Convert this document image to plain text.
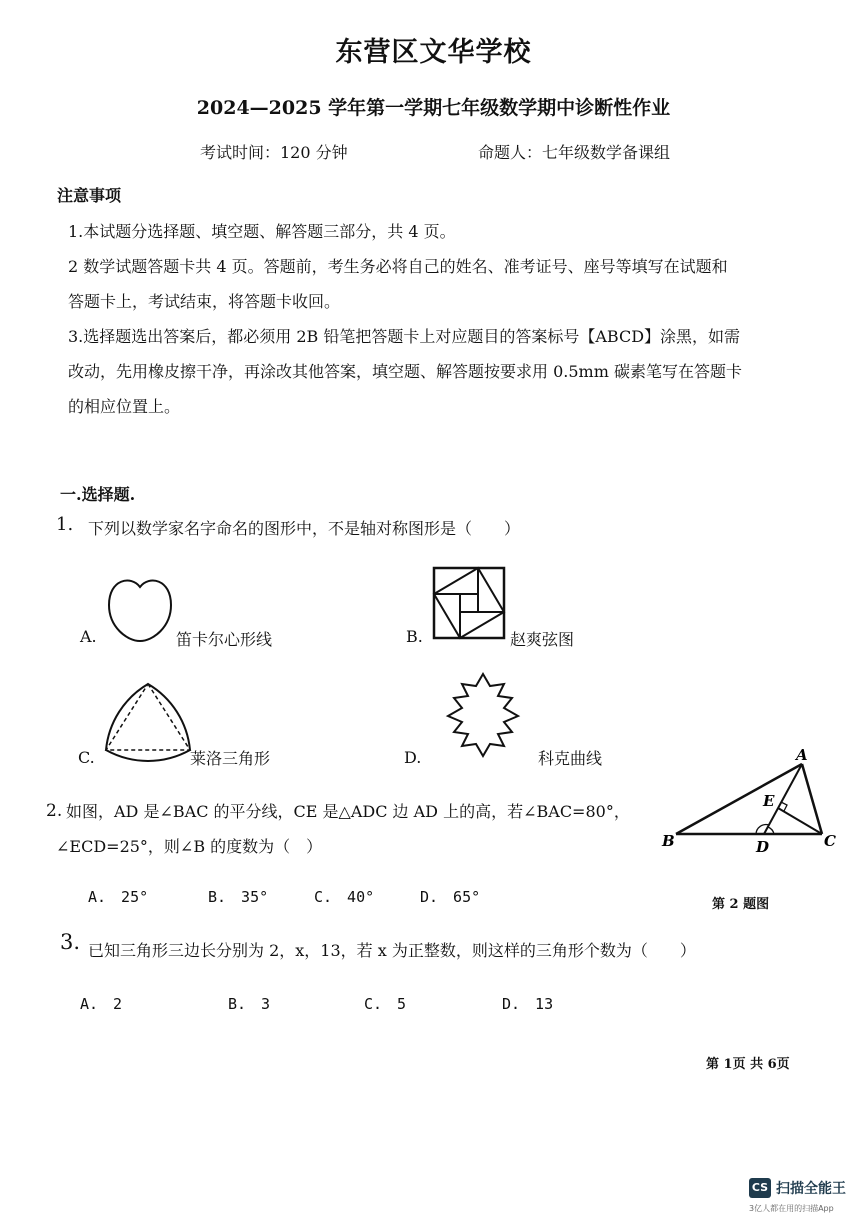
东营区文华学校
2024—2025 学年第一学期七年级数学期中诊断性作业
考试时间：120 分钟	命题人：七年级数学备课组
注意事项
1.本试题分选择题、填空题、解答题三部分，共 4 页。
2 数学试题答题卡共 4 页。答题前，考生务必将自己的姓名、准考证号、座号等填写在试题和
答题卡上，考试结束，将答题卡收回。
3.选择题选出答案后，都必须用 2B 铅笔把答题卡上对应题目的答案标号【ABCD】涂黑，如需
改动，先用橡皮擦干净，再涂改其他答案，填空题、解答题按要求用 0.5mm 碳素笔写在答题卡
的相应位置上。
一.选择题.
1. 下列以数学家名字命名的图形中，不是轴对称图形是（　　）
A.	笛卡尔心形线	B.	赵爽弦图
C.	莱洛三角形	D.	科克曲线
2. 如图，AD 是∠BAC 的平分线，CE 是△ADC 边 AD 上的高，若∠BAC=80°，
∠ECD=25°，则∠B 的度数为（　）
A.　25°	B.　35°	C.　40°	D.　65°
A
B	C
D
E
第 2 题图
3. 已知三角形三边长分别为 2，x，13，若 x 为正整数，则这样的三角形个数为（　　）
A.　2	B.　3	C.　5	D.　13
第 1页 共 6页
CS 扫描全能王
3亿人都在用的扫描App
